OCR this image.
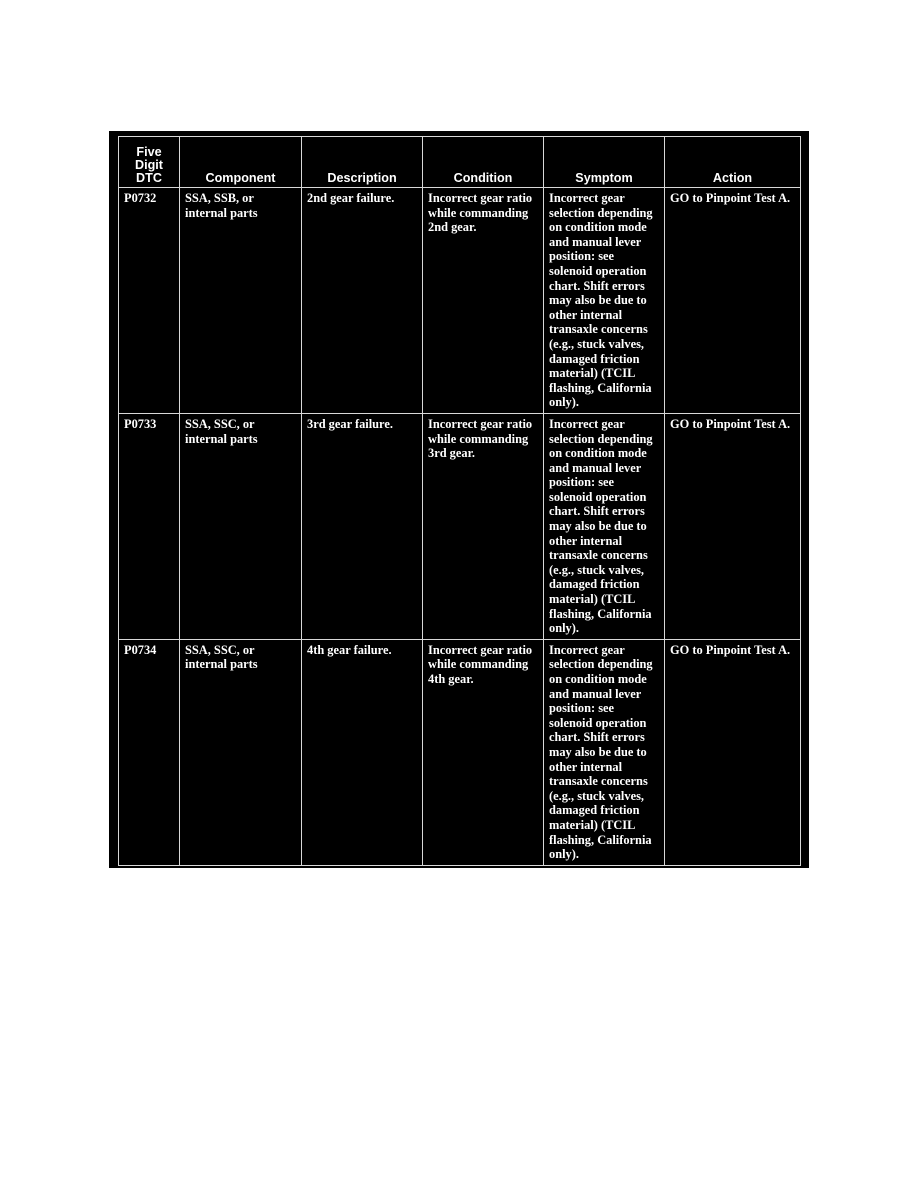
Five
Digit
DTC	Component	Description	Condition	Symptom	Action
P0732	SSA, SSB, or internal parts	2nd gear failure.	Incorrect gear ratio while commanding 2nd gear.	Incorrect gear selection depending on condition mode and manual lever position: see solenoid operation chart. Shift errors may also be due to other internal transaxle concerns (e.g., stuck valves, damaged friction material) (TCIL flashing, California only).	GO to Pinpoint Test A.
P0733	SSA, SSC, or internal parts	3rd gear failure.	Incorrect gear ratio while commanding 3rd gear.	Incorrect gear selection depending on condition mode and manual lever position: see solenoid operation chart. Shift errors may also be due to other internal transaxle concerns (e.g., stuck valves, damaged friction material) (TCIL flashing, California only).	GO to Pinpoint Test A.
P0734	SSA, SSC, or internal parts	4th gear failure.	Incorrect gear ratio while commanding 4th gear.	Incorrect gear selection depending on condition mode and manual lever position: see solenoid operation chart. Shift errors may also be due to other internal transaxle concerns (e.g., stuck valves, damaged friction material) (TCIL flashing, California only).	GO to Pinpoint Test A.
